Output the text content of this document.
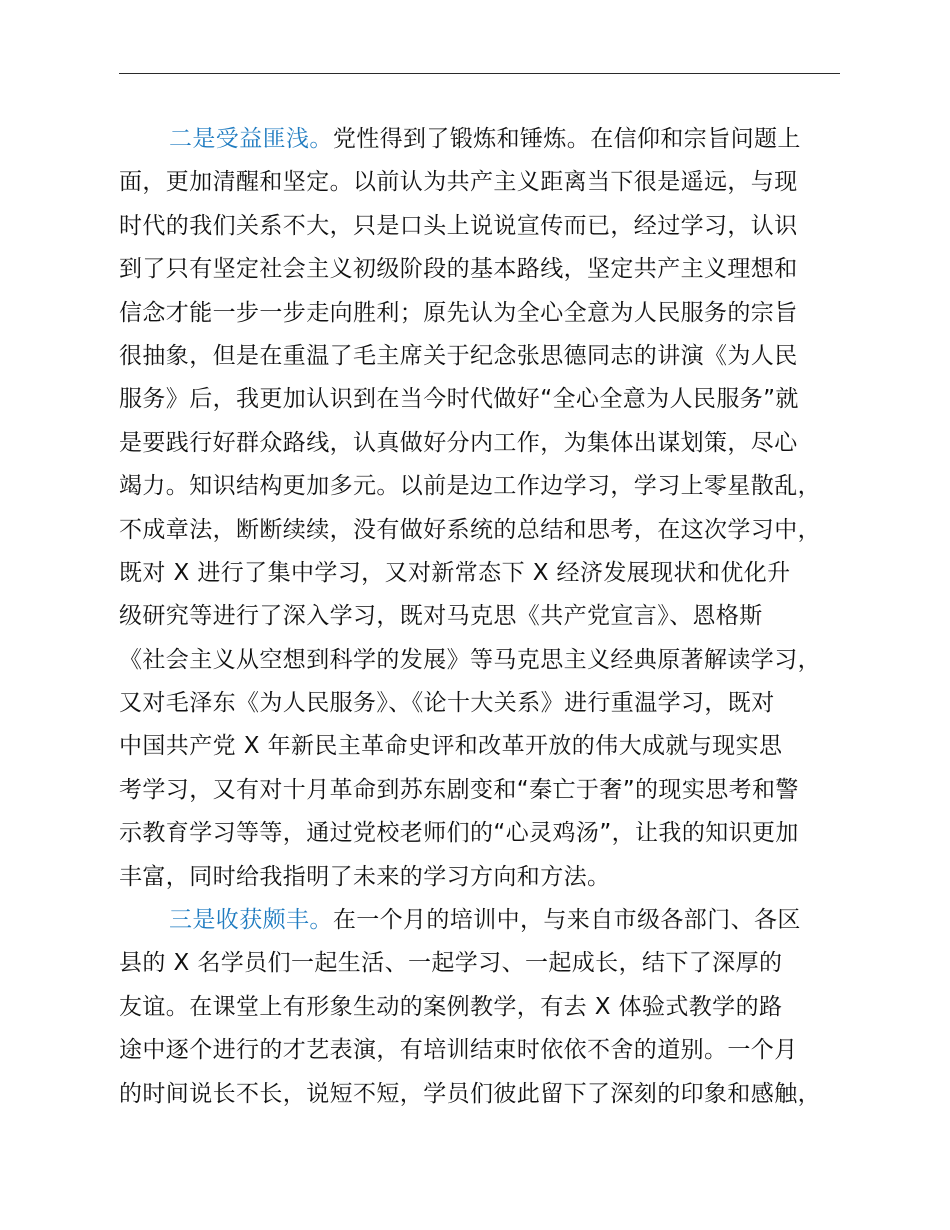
二是受益匪浅。党性得到了锻炼和锤炼。在信仰和宗旨问题上
面，更加清醒和坚定。以前认为共产主义距离当下很是遥远，与现
时代的我们关系不大，只是口头上说说宣传而已，经过学习，认识
到了只有坚定社会主义初级阶段的基本路线，坚定共产主义理想和
信念才能一步一步走向胜利；原先认为全心全意为人民服务的宗旨
很抽象，但是在重温了毛主席关于纪念张思德同志的讲演《为人民
服务》后，我更加认识到在当今时代做好“全心全意为人民服务”就
是要践行好群众路线，认真做好分内工作，为集体出谋划策，尽心
竭力。知识结构更加多元。以前是边工作边学习，学习上零星散乱，
不成章法，断断续续，没有做好系统的总结和思考，在这次学习中，
既对 X 进行了集中学习，又对新常态下 X 经济发展现状和优化升
级研究等进行了深入学习，既对马克思《共产党宣言》、恩格斯
《社会主义从空想到科学的发展》等马克思主义经典原著解读学习，
又对毛泽东《为人民服务》、《论十大关系》进行重温学习，既对
中国共产党 X 年新民主革命史评和改革开放的伟大成就与现实思
考学习，又有对十月革命到苏东剧变和“秦亡于奢”的现实思考和警
示教育学习等等，通过党校老师们的“心灵鸡汤”，让我的知识更加
丰富，同时给我指明了未来的学习方向和方法。
三是收获颇丰。在一个月的培训中，与来自市级各部门、各区
县的 X 名学员们一起生活、一起学习、一起成长，结下了深厚的
友谊。在课堂上有形象生动的案例教学，有去 X 体验式教学的路
途中逐个进行的才艺表演，有培训结束时依依不舍的道别。一个月
的时间说长不长，说短不短，学员们彼此留下了深刻的印象和感触，
